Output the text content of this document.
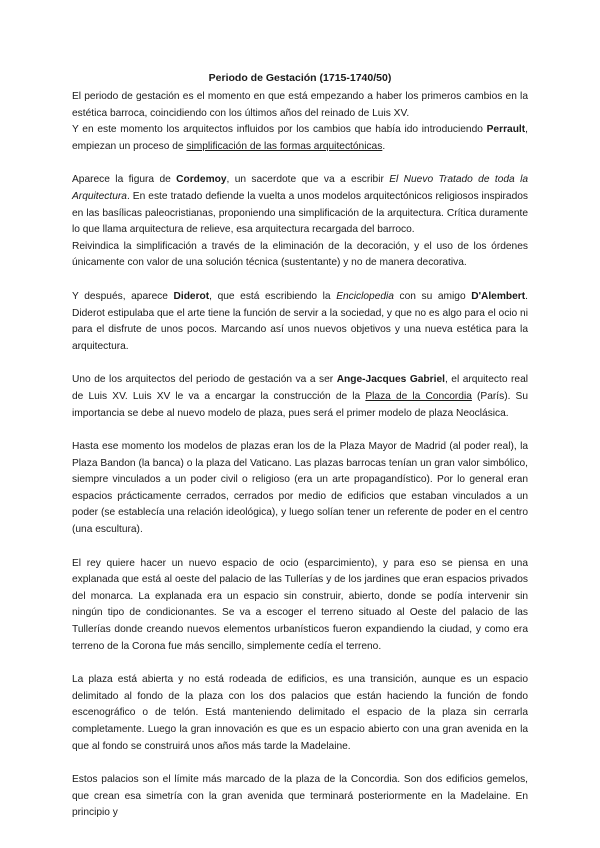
Periodo de Gestación (1715-1740/50)

El periodo de gestación es el momento en que está empezando a haber los primeros cambios en la estética barroca, coincidiendo con los últimos años del reinado de Luis XV.
Y en este momento los arquitectos influidos por los cambios que había ido introduciendo Perrault, empiezan un proceso de simplificación de las formas arquitectónicas.

Aparece la figura de Cordemoy, un sacerdote que va a escribir El Nuevo Tratado de toda la Arquitectura. En este tratado defiende la vuelta a unos modelos arquitectónicos religiosos inspirados en las basílicas paleocristianas, proponiendo una simplificación de la arquitectura. Crítica duramente lo que llama arquitectura de relieve, esa arquitectura recargada del barroco.
Reivindica la simplificación a través de la eliminación de la decoración, y el uso de los órdenes únicamente con valor de una solución técnica (sustentante) y no de manera decorativa.

Y después, aparece Diderot, que está escribiendo la Enciclopedia con su amigo D'Alembert. Diderot estipulaba que el arte tiene la función de servir a la sociedad, y que no es algo para el ocio ni para el disfrute de unos pocos. Marcando así unos nuevos objetivos y una nueva estética para la arquitectura.

Uno de los arquitectos del periodo de gestación va a ser Ange-Jacques Gabriel, el arquitecto real de Luis XV. Luis XV le va a encargar la construcción de la Plaza de la Concordia (París). Su importancia se debe al nuevo modelo de plaza, pues será el primer modelo de plaza Neoclásica.

Hasta ese momento los modelos de plazas eran los de la Plaza Mayor de Madrid (al poder real), la Plaza Bandon (la banca) o la plaza del Vaticano. Las plazas barrocas tenían un gran valor simbólico, siempre vinculados a un poder civil o religioso (era un arte propagandístico). Por lo general eran espacios prácticamente cerrados, cerrados por medio de edificios que estaban vinculados a un poder (se establecía una relación ideológica), y luego solían tener un referente de poder en el centro (una escultura).

El rey quiere hacer un nuevo espacio de ocio (esparcimiento), y para eso se piensa en una explanada que está al oeste del palacio de las Tullerías y de los jardines que eran espacios privados del monarca. La explanada era un espacio sin construir, abierto, donde se podía intervenir sin ningún tipo de condicionantes. Se va a escoger el terreno situado al Oeste del palacio de las Tullerías donde creando nuevos elementos urbanísticos fueron expandiendo la ciudad, y como era terreno de la Corona fue más sencillo, simplemente cedía el terreno.

La plaza está abierta y no está rodeada de edificios, es una transición, aunque es un espacio delimitado al fondo de la plaza con los dos palacios que están haciendo la función de fondo escenográfico o de telón. Está manteniendo delimitado el espacio de la plaza sin cerrarla completamente. Luego la gran innovación es que es un espacio abierto con una gran avenida en la que al fondo se construirá unos años más tarde la Madelaine.

Estos palacios son el límite más marcado de la plaza de la Concordia. Son dos edificios gemelos, que crean esa simetría con la gran avenida que terminará posteriormente en la Madelaine. En principio y
